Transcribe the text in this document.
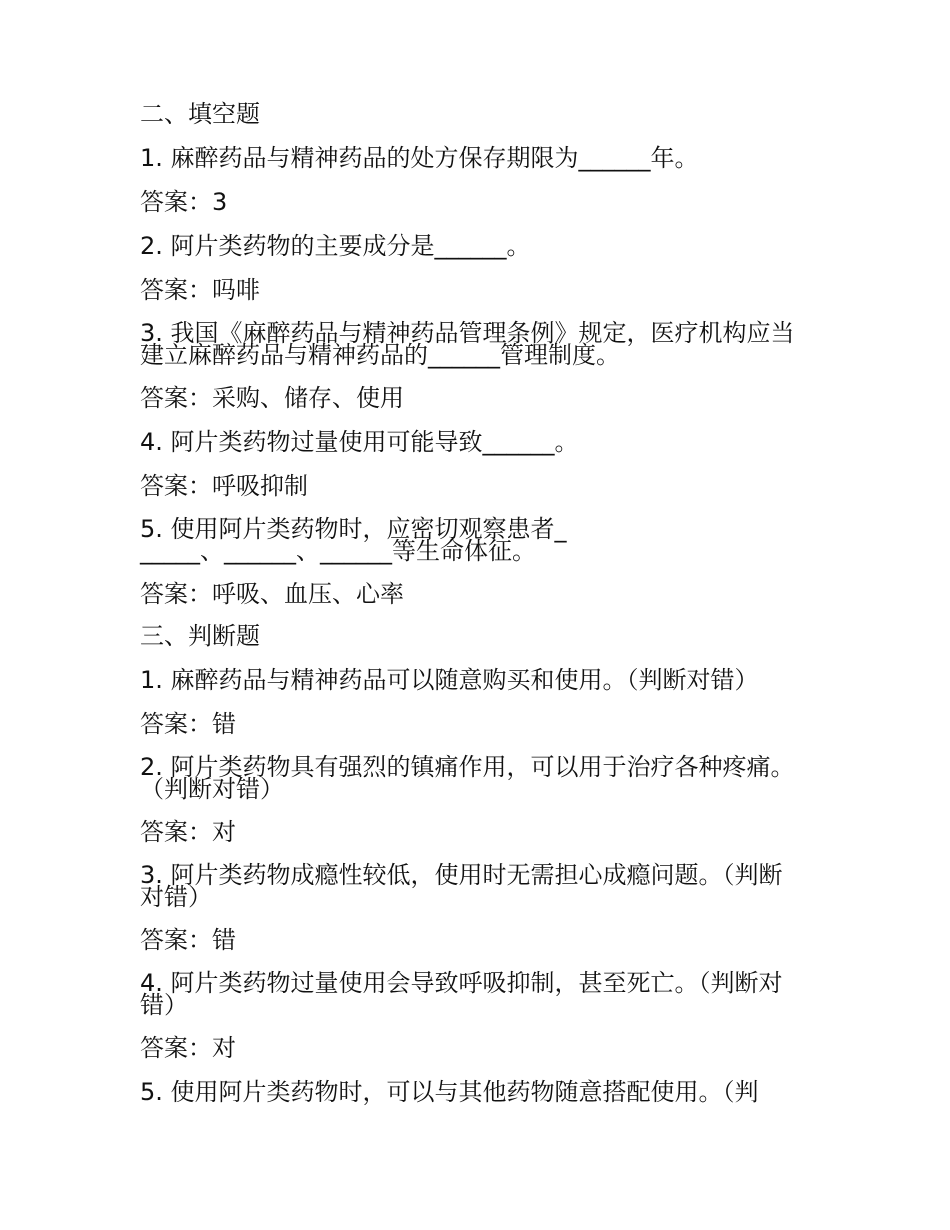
二、填空题

1. 麻醉药品与精神药品的处方保存期限为______年。

答案：3

2. 阿片类药物的主要成分是______。

答案：吗啡

3. 我国《麻醉药品与精神药品管理条例》规定，医疗机构应当建立麻醉药品与精神药品的______管理制度。

答案：采购、储存、使用

4. 阿片类药物过量使用可能导致______。

答案：呼吸抑制

5. 使用阿片类药物时，应密切观察患者______、______、______等生命体征。

答案：呼吸、血压、心率

三、判断题

1. 麻醉药品与精神药品可以随意购买和使用。（判断对错）

答案：错

2. 阿片类药物具有强烈的镇痛作用，可以用于治疗各种疼痛。（判断对错）

答案：对

3. 阿片类药物成瘾性较低，使用时无需担心成瘾问题。（判断对错）

答案：错

4. 阿片类药物过量使用会导致呼吸抑制，甚至死亡。（判断对错）

答案：对

5. 使用阿片类药物时，可以与其他药物随意搭配使用。（判
